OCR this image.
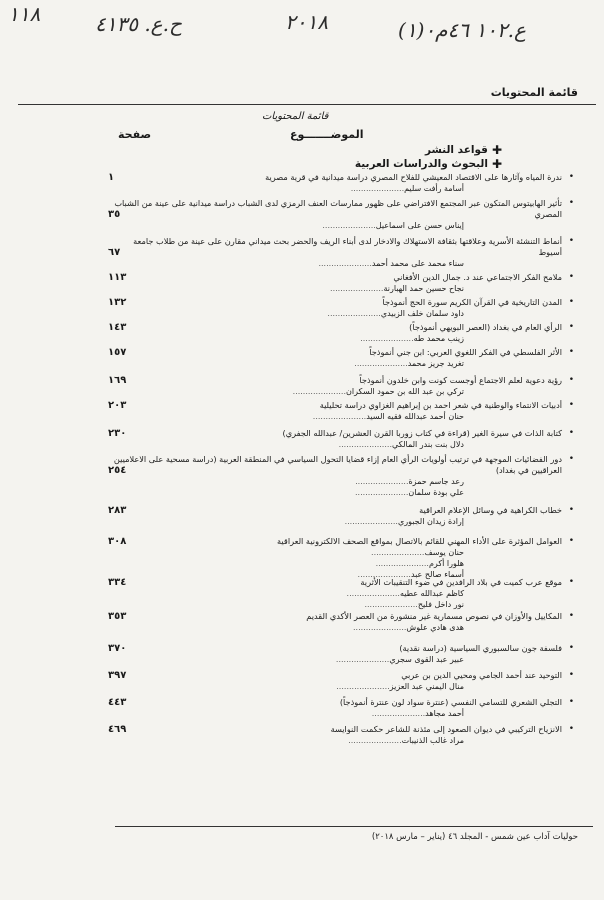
١١٨	ح.ع. ٤١٣٥	٢٠١٨	(١)ع.١٠٢ ٤٦م٠
قائمة المحتويات
قائمة المحتويات
الموضـــــــوع
صفحة
✚
قواعد النشر
✚
البحوث والدراسات العربية
•
ندرة المياه وآثارها على الاقتصاد المعيشي للفلاح المصري دراسة ميدانية في قرية مصرية
أسامة رأفت سليم.....................
١
•
تأثير الهابيتوس المتكون عبر المجتمع الافتراضي على ظهور ممارسات العنف الرمزي لدى الشباب دراسة ميدانية على عينة من الشباب المصري
إيناس حسن على اسماعيل.....................
٣٥
•
أنماط التنشئة الأسرية وعلاقتها بثقافة الاستهلاك والادخار لدى أبناء الريف والحضر بحث ميداني مقارن على عينة من طلاب جامعة أسيوط
سناء محمد على محمد أحمد.....................
٦٧
•
ملامح الفكر الاجتماعي عند د. جمال الدين الأفغاني
نجاح حسين حمد الهبارنة.....................
١١٣
•
المدن التاريخية في القرآن الكريم سورة الحج أنموذجاً
داود سلمان خلف الزبيدي.....................
١٣٢
•
الرأي العام في بغداد (العصر البويهي أنموذجاً)
زينب محمد طه.....................
١٤٣
•
الأثر الفلسطي في الفكر اللغوي العربي: ابن جني أنموذجاً
تغريد جريز محمد.....................
١٥٧
•
رؤية دعوية لعلم الاجتماع أوجست كونت وابن خلدون أنموذجاً
تركي بن عبد الله بن حمود السكران.....................
١٦٩
•
أدبيات الانتماء والوطنية في شعر احمد بن إبراهيم الغزاوي دراسة تحليلية
حنان أحمد عبدالله فقيه السيد.....................
٢٠٣
•
كتابة الذات في سيرة الغير (قراءة في كتاب زوربا القرن العشرين/ عبدالله الجفري)
دلال بنت بندر المالكي.....................
٢٣٠
•
دور الفضائيات الموجهة في ترتيب أولويات الرأي العام إزاء قضايا التحول السياسي في المنطقة العربية (دراسة مسحية على الاعلاميين العراقيين في بغداد)
رعد جاسم حمزة.....................
علي بودة سلمان.....................
٢٥٤
•
خطاب الكراهية في وسائل الإعلام العراقية
إرادة زيدان الجبوري.....................
٢٨٣
•
العوامل المؤثرة على الأداء المهني للقائم بالاتصال بمواقع الصحف الالكترونية العراقية
حنان يوسف.....................
هلورا أكرم.....................
أسماء صالح عبد.....................
٣٠٨
•
موقع عرب كميت في بلاد الرافدين في ضوء التنقيبات الأثرية
كاظم عبدالله عطيه.....................
نور داخل فليح.....................
٣٣٤
•
المكاييل والأوزان في نصوص مسمارية غير منشورة من العصر الأكدي القديم
هدى هادي علوش.....................
٣٥٣
•
فلسفة جون سالسبوري السياسية (دراسة نقدية)
عبير عبد القوى سجري.....................
٣٧٠
•
التوحيد عند أحمد الجامي ومحيي الدين بن عربي
منال اليمني عبد العزيز.....................
٣٩٧
•
التجلي الشعري للتسامي النفسي (عنترة سواد لون عنترة أنموذجاً)
أحمد مجاهد.....................
٤٤٣
•
الانزياح التركيبي في ديوان الصعود إلى مئذنة للشاعر حكمت النوايسة
مراد غالب الذنيبات.....................
٤٦٩
حوليات آداب عين شمس - المجلد ٤٦ (يناير – مارس ٢٠١٨)
